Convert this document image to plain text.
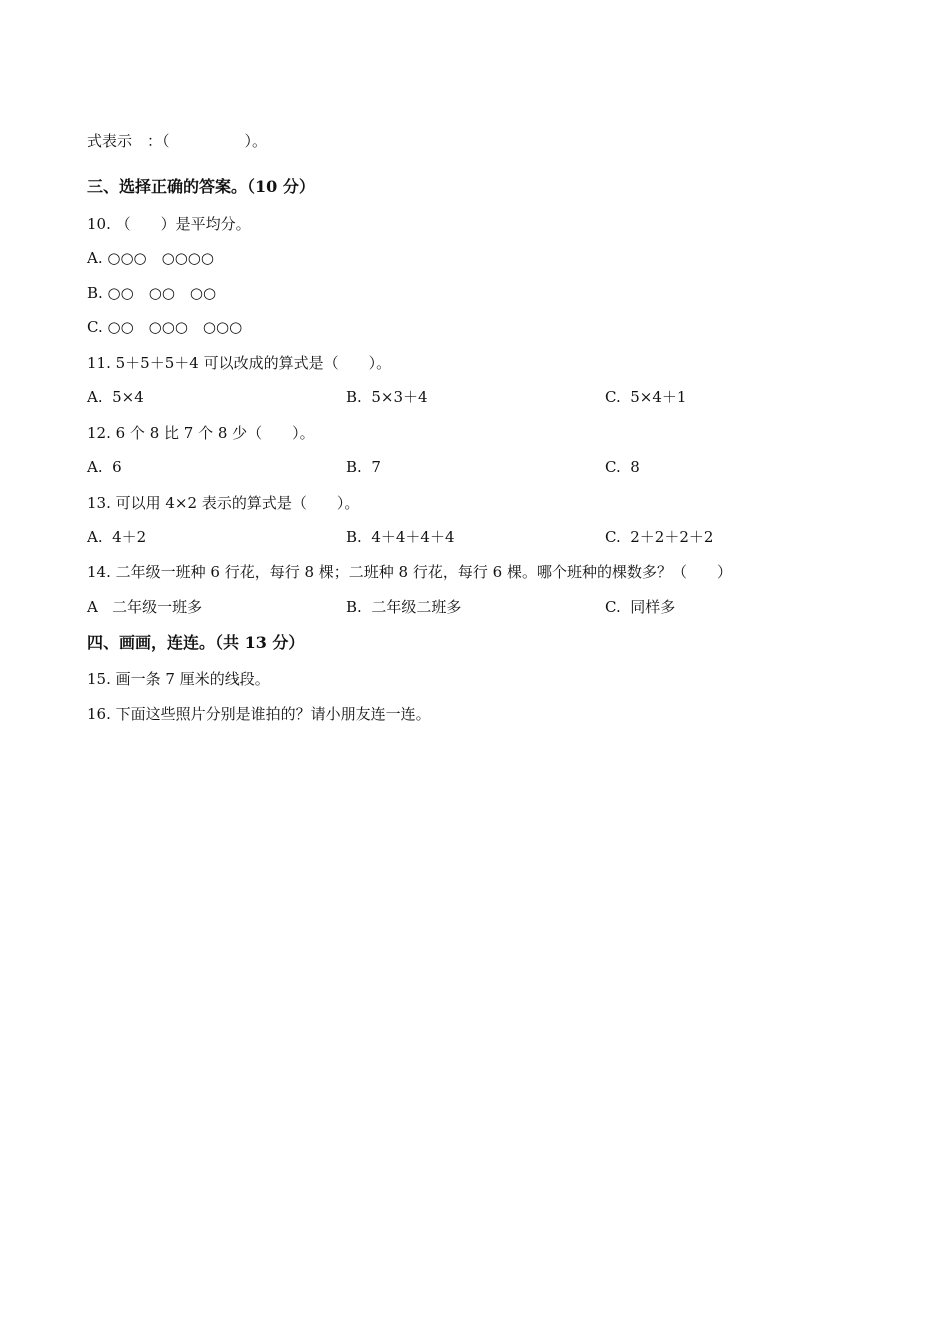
式表示　：（　　　　　）。
三、选择正确的答案。（10 分）
10. （　　）是平均分。
A. ○○○　○○○○
B. ○○　○○　○○
C. ○○　○○○　○○○
11. 5＋5＋5＋4 可以改成的算式是（　　）。
A.  5×4	B.  5×3＋4	C.  5×4＋1
12. 6 个 8 比 7 个 8 少（　　）。
A.  6	B.  7	C.  8
13. 可以用 4×2 表示的算式是（　　）。
A.  4＋2	B.  4＋4＋4＋4	C.  2＋2＋2＋2
14. 二年级一班种 6 行花，每行 8 棵；二班种 8 行花，每行 6 棵。哪个班种的棵数多？（　　）
A   二年级一班多	B.  二年级二班多	C.  同样多
四、画画，连连。（共 13 分）
15. 画一条 7 厘米的线段。
16. 下面这些照片分别是谁拍的？请小朋友连一连。
